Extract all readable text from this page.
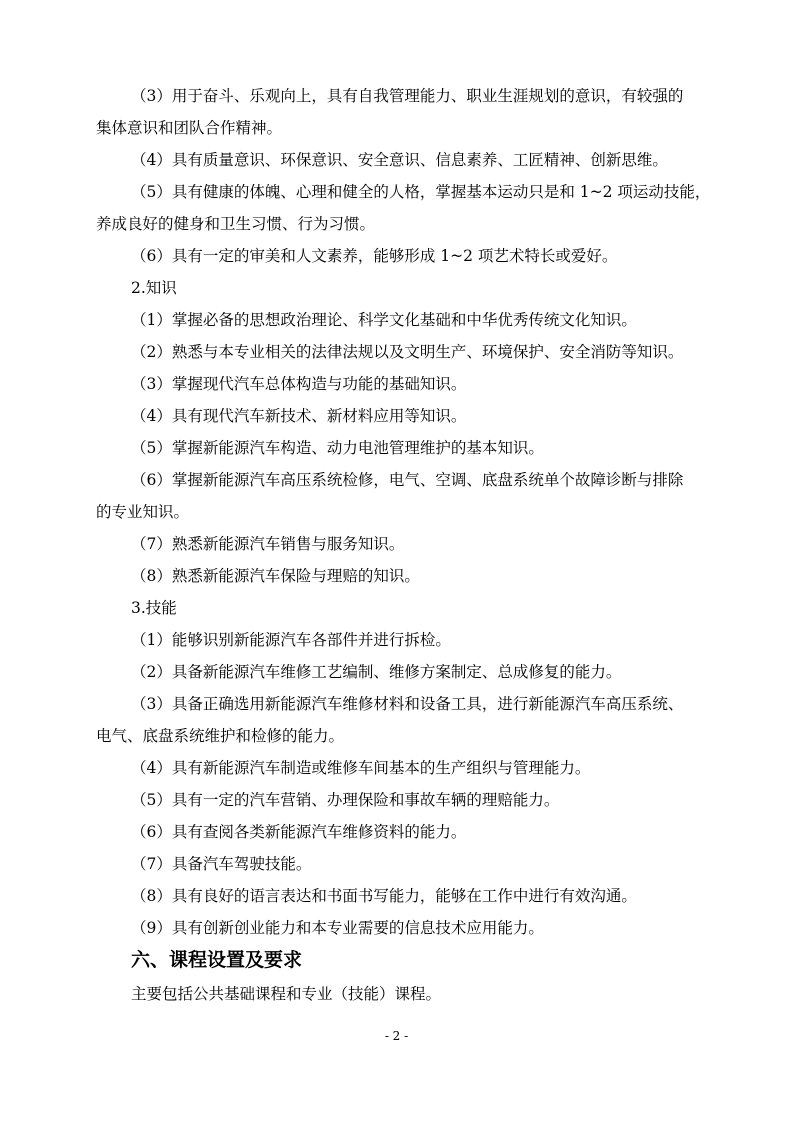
（3）用于奋斗、乐观向上，具有自我管理能力、职业生涯规划的意识，有较强的
集体意识和团队合作精神。
（4）具有质量意识、环保意识、安全意识、信息素养、工匠精神、创新思维。
（5）具有健康的体魄、心理和健全的人格，掌握基本运动只是和 1~2 项运动技能，
养成良好的健身和卫生习惯、行为习惯。
（6）具有一定的审美和人文素养，能够形成 1~2 项艺术特长或爱好。
2.知识
（1）掌握必备的思想政治理论、科学文化基础和中华优秀传统文化知识。
（2）熟悉与本专业相关的法律法规以及文明生产、环境保护、安全消防等知识。
（3）掌握现代汽车总体构造与功能的基础知识。
（4）具有现代汽车新技术、新材料应用等知识。
（5）掌握新能源汽车构造、动力电池管理维护的基本知识。
（6）掌握新能源汽车高压系统检修，电气、空调、底盘系统单个故障诊断与排除
的专业知识。
（7）熟悉新能源汽车销售与服务知识。
（8）熟悉新能源汽车保险与理赔的知识。
3.技能
（1）能够识别新能源汽车各部件并进行拆检。
（2）具备新能源汽车维修工艺编制、维修方案制定、总成修复的能力。
（3）具备正确选用新能源汽车维修材料和设备工具，进行新能源汽车高压系统、
电气、底盘系统维护和检修的能力。
（4）具有新能源汽车制造或维修车间基本的生产组织与管理能力。
（5）具有一定的汽车营销、办理保险和事故车辆的理赔能力。
（6）具有查阅各类新能源汽车维修资料的能力。
（7）具备汽车驾驶技能。
（8）具有良好的语言表达和书面书写能力，能够在工作中进行有效沟通。
（9）具有创新创业能力和本专业需要的信息技术应用能力。
六、课程设置及要求
主要包括公共基础课程和专业（技能）课程。
- 2 -
